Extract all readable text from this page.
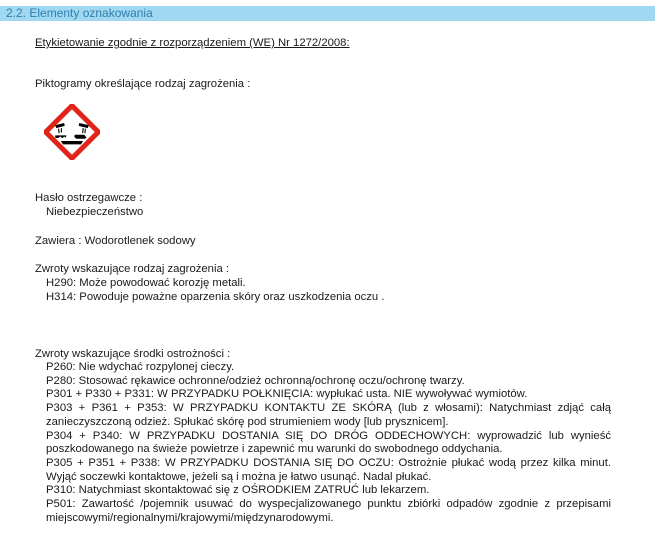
2.2. Elementy oznakowania
Etykietowanie zgodnie z rozporządzeniem (WE) Nr 1272/2008:
Piktogramy określające rodzaj zagrożenia :
Hasło ostrzegawcze :
Niebezpieczeństwo
Zawiera : Wodorotlenek sodowy
Zwroty wskazujące rodzaj zagrożenia :
H290: Może powodować korozję metali.
H314: Powoduje poważne oparzenia skóry oraz uszkodzenia oczu .
Zwroty wskazujące środki ostrożności :

P260: Nie wdychać rozpylonej cieczy.

P280: Stosować rękawice ochronne/odzież ochronną/ochronę oczu/ochronę twarzy.

P301 + P330 + P331: W PRZYPADKU POŁKNIĘCIA: wypłukać usta. NIE wywoływać wymiotów.

P303 + P361 + P353: W PRZYPADKU KONTAKTU ZE SKÓRĄ (lub z włosami): Natychmiast zdjąć całą zanieczyszczoną odzież. Spłukać skórę pod strumieniem wody [lub prysznicem].

P304 + P340: W PRZYPADKU DOSTANIA SIĘ DO DRÓG ODDECHOWYCH: wyprowadzić lub wynieść poszkodowanego na świeże powietrze i zapewnić mu warunki do swobodnego oddychania.

P305 + P351 + P338: W PRZYPADKU DOSTANIA SIĘ DO OCZU: Ostrożnie płukać wodą przez kilka minut. Wyjąć soczewki kontaktowe, jeżeli są i można je łatwo usunąć. Nadal płukać.

P310: Natychmiast skontaktować się z OŚRODKIEM ZATRUĆ lub lekarzem.

P501: Zawartość /pojemnik usuwać do wyspecjalizowanego punktu zbiórki odpadów zgodnie z przepisami miejscowymi/regionalnymi/krajowymi/międzynarodowymi.
